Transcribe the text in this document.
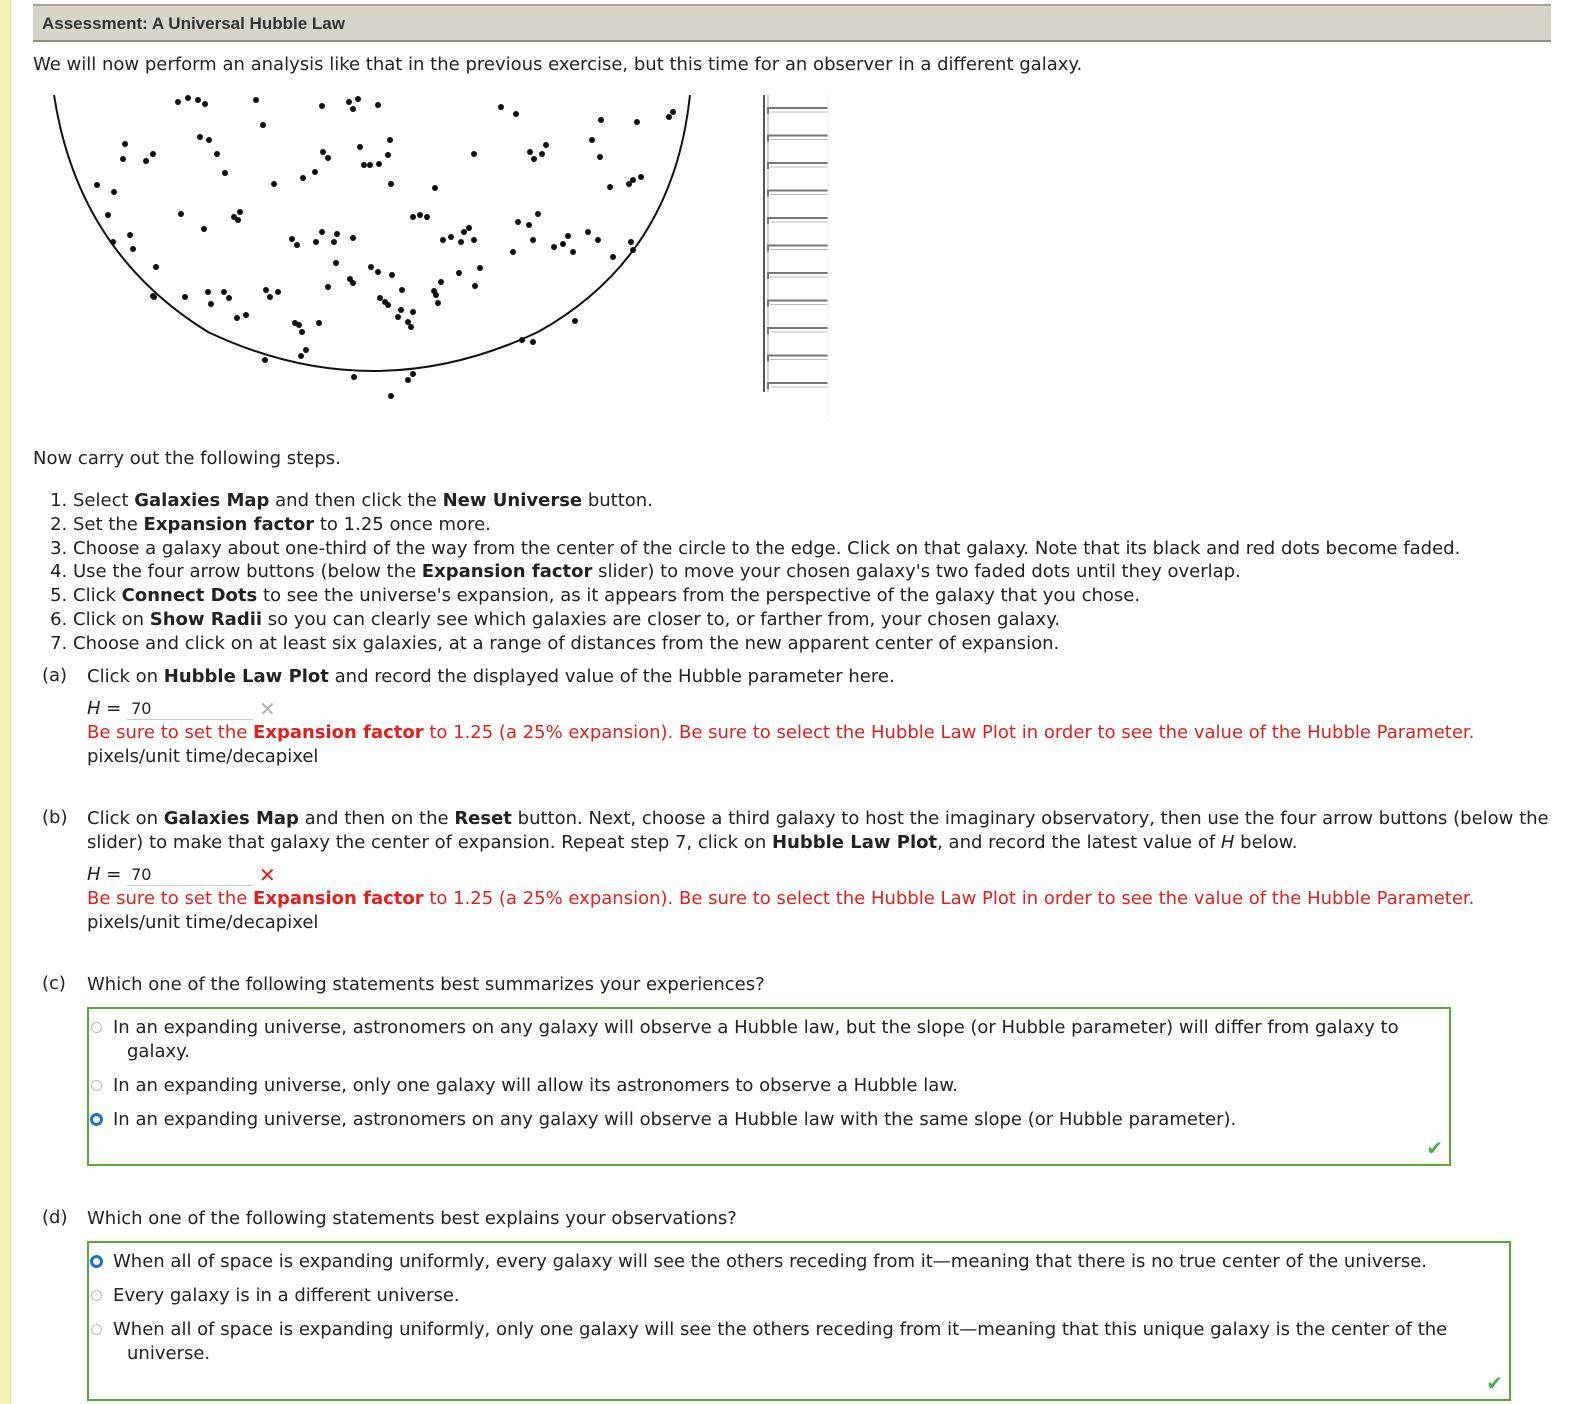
Assessment: A Universal Hubble Law
We will now perform an analysis like that in the previous exercise, but this time for an observer in a different galaxy.
Now carry out the following steps.
1. Select Galaxies Map and then click the New Universe button.
2. Set the Expansion factor to 1.25 once more.
3. Choose a galaxy about one-third of the way from the center of the circle to the edge. Click on that galaxy. Note that its black and red dots become faded.
4. Use the four arrow buttons (below the Expansion factor slider) to move your chosen galaxy's two faded dots until they overlap.
5. Click Connect Dots to see the universe's expansion, as it appears from the perspective of the galaxy that you chose.
6. Click on Show Radii so you can clearly see which galaxies are closer to, or farther from, your chosen galaxy.
7. Choose and click on at least six galaxies, at a range of distances from the new apparent center of expansion.
(a) Click on Hubble Law Plot and record the displayed value of the Hubble parameter here.
H = 70	✕
Be sure to set the Expansion factor to 1.25 (a 25% expansion). Be sure to select the Hubble Law Plot in order to see the value of the Hubble Parameter.
pixels/unit time/decapixel
(b) Click on Galaxies Map and then on the Reset button. Next, choose a third galaxy to host the imaginary observatory, then use the four arrow buttons (below the slider) to make that galaxy the center of expansion. Repeat step 7, click on Hubble Law Plot, and record the latest value of H below.
H = 70	✕
Be sure to set the Expansion factor to 1.25 (a 25% expansion). Be sure to select the Hubble Law Plot in order to see the value of the Hubble Parameter.
pixels/unit time/decapixel
(c) Which one of the following statements best summarizes your experiences?
In an expanding universe, astronomers on any galaxy will observe a Hubble law, but the slope (or Hubble parameter) will differ from galaxy to
galaxy.
In an expanding universe, only one galaxy will allow its astronomers to observe a Hubble law.
In an expanding universe, astronomers on any galaxy will observe a Hubble law with the same slope (or Hubble parameter).
✔
(d) Which one of the following statements best explains your observations?
When all of space is expanding uniformly, every galaxy will see the others receding from it—meaning that there is no true center of the universe.
Every galaxy is in a different universe.
When all of space is expanding uniformly, only one galaxy will see the others receding from it—meaning that this unique galaxy is the center of the
universe.
✔
